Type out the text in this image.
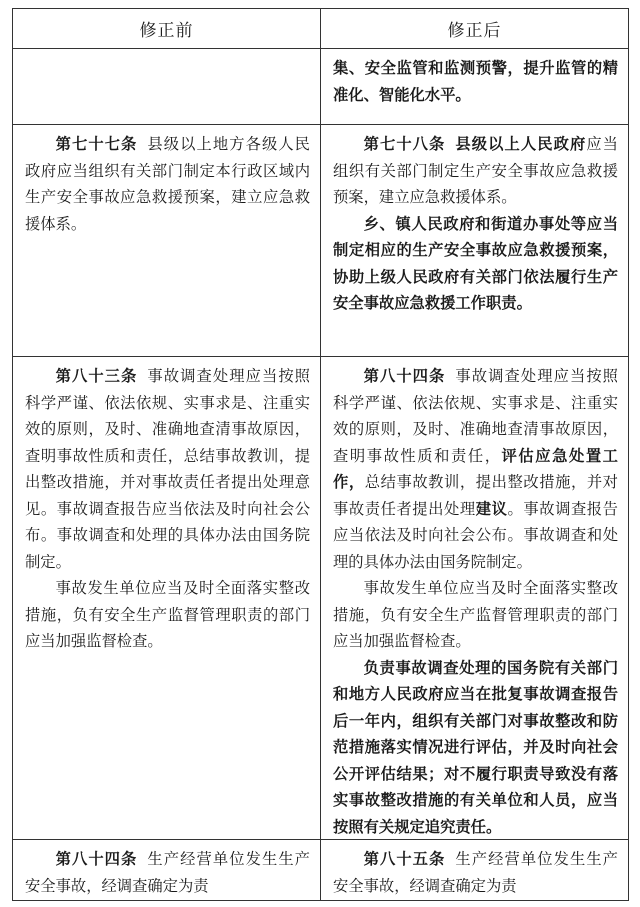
修正前	修正后

集、安全监管和监测预警，提升监管的精准化、智能化水平。

第七十七条 县级以上地方各级人民政府应当组织有关部门制定本行政区域内生产安全事故应急救援预案，建立应急救援体系。

第七十八条 县级以上人民政府应当组织有关部门制定生产安全事故应急救援预案，建立应急救援体系。

乡、镇人民政府和街道办事处等应当制定相应的生产安全事故应急救援预案，协助上级人民政府有关部门依法履行生产安全事故应急救援工作职责。

第八十三条 事故调查处理应当按照科学严谨、依法依规、实事求是、注重实效的原则，及时、准确地查清事故原因，查明事故性质和责任，总结事故教训，提出整改措施，并对事故责任者提出处理意见。事故调查报告应当依法及时向社会公布。事故调查和处理的具体办法由国务院制定。

事故发生单位应当及时全面落实整改措施，负有安全生产监督管理职责的部门应当加强监督检查。

第八十四条 事故调查处理应当按照科学严谨、依法依规、实事求是、注重实效的原则，及时、准确地查清事故原因，查明事故性质和责任，评估应急处置工作，总结事故教训，提出整改措施，并对事故责任者提出处理建议。事故调查报告应当依法及时向社会公布。事故调查和处理的具体办法由国务院制定。

事故发生单位应当及时全面落实整改措施，负有安全生产监督管理职责的部门应当加强监督检查。

负责事故调查处理的国务院有关部门和地方人民政府应当在批复事故调查报告后一年内，组织有关部门对事故整改和防范措施落实情况进行评估，并及时向社会公开评估结果；对不履行职责导致没有落实事故整改措施的有关单位和人员，应当按照有关规定追究责任。

第八十四条 生产经营单位发生生产安全事故，经调查确定为责

第八十五条 生产经营单位发生生产安全事故，经调查确定为责
